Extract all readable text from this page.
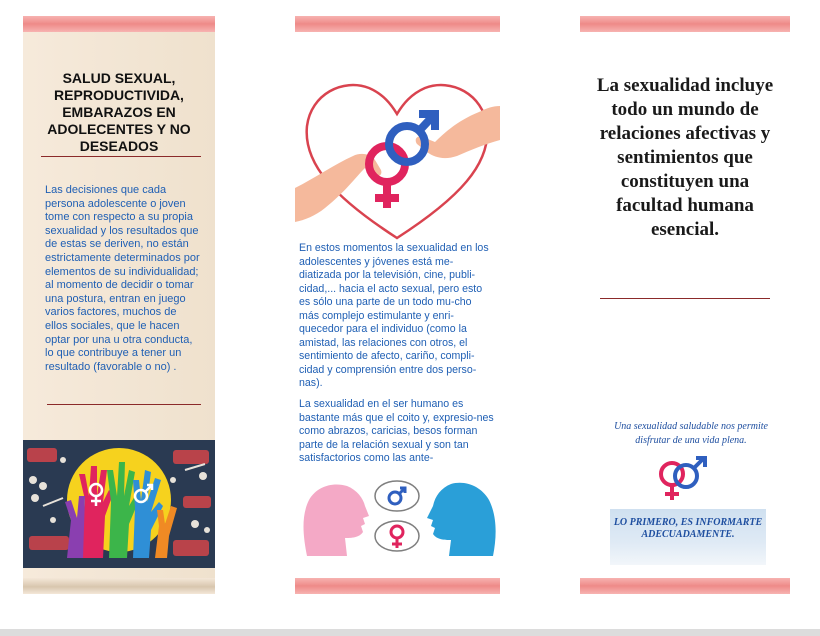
SALUD SEXUAL, REPRODUCTIVIDA, EMBARAZOS EN ADOLECENTES Y NO DESEADOS
Las decisiones que cada persona adolescente o joven tome con respecto a su propia sexualidad y los resultados que de estas se deriven, no están estrictamente determinados por elementos de su individualidad; al momento de decidir o tomar una postura, entran en juego varios factores, muchos de ellos sociales, que le hacen optar por una u otra conducta, lo que contribuye a tener un resultado (favorable o no) .
En estos momentos la sexualidad en los adolescentes y jóvenes está me-diatizada por la televisión, cine, publi-cidad,... hacia el acto sexual, pero esto es sólo una parte de un todo mu-cho más complejo estimulante y enri-quecedor para el individuo (como la amistad, las relaciones con otros, el sentimiento de afecto, cariño, compli-cidad y comprensión entre dos perso-nas).
La sexualidad en el ser humano es bastante más que el coito y, expresio-nes como abrazos, caricias, besos forman parte de la relación sexual y son tan satisfactorios como las ante-
La sexualidad incluye todo un mundo de relaciones afectivas y sentimientos que constituyen una facultad humana esencial.
Una sexualidad saludable nos permite disfrutar de una vida plena.
LO PRIMERO, ES INFORMARTE ADECUADAMENTE.
